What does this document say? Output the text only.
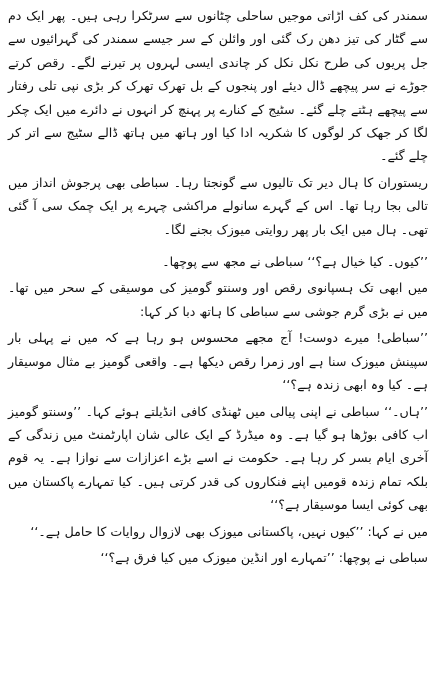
سمندر کی کف اڑاتی موجیں ساحلی چٹانوں سے سرٹکرا رہی ہیں۔ پھر ایک دم سے گٹار کی تیز دھن رک گئی اور وائلن کے سر جیسے سمندر کی گہرائیوں سے جل پریوں کی طرح نکل نکل کر چاندی ایسی لہروں پر تیرنے لگے۔ رقص کرتے جوڑے نے سر پیچھے ڈال دیئے اور پنجوں کے بل تھرک تھرک کر بڑی نپی تلی رفتار سے پیچھے ہٹتے چلے گئے۔ سٹیج کے کنارے پر پہنچ کر انہوں نے دائرے میں ایک چکر لگا کر جھک کر لوگوں کا شکریہ ادا کیا اور ہاتھ میں ہاتھ ڈالے سٹیج سے اتر کر چلے گئے۔

ریستوران کا ہال دیر تک تالیوں سے گونجتا رہا۔ سباطی بھی پرجوش انداز میں تالی بجا رہا تھا۔ اس کے گہرے سانولے مراکشی چہرے پر ایک چمک سی آ گئی تھی۔ ہال میں ایک بار پھر روایتی میوزک بجنے لگا۔

’’کیوں۔ کیا خیال ہے؟‘‘ سباطی نے مجھ سے پوچھا۔

میں ابھی تک ہسپانوی رقص اور وسنتو گومیز کی موسیقی کے سحر میں تھا۔ میں نے بڑی گرم جوشی سے سباطی کا ہاتھ دبا کر کہا:

’’سباطی! میرے دوست! آج مجھے محسوس ہو رہا ہے کہ میں نے پہلی بار سپینش میوزک سنا ہے اور زمرا رقص دیکھا ہے۔ واقعی گومیز بے مثال موسیقار ہے۔ کیا وہ ابھی زندہ ہے؟‘‘

’’ہاں۔‘‘ سباطی نے اپنی پیالی میں ٹھنڈی کافی انڈیلتے ہوئے کہا۔ ’’وسنتو گومیز اب کافی بوڑھا ہو گیا ہے۔ وہ میڈرڈ کے ایک عالی شان اپارٹمنٹ میں زندگی کے آخری ایام بسر کر رہا ہے۔ حکومت نے اسے بڑے اعزازات سے نوازا ہے۔ یہ قوم بلکہ تمام زندہ قومیں اپنے فنکاروں کی قدر کرتی ہیں۔ کیا تمہارے پاکستان میں بھی کوئی ایسا موسیقار ہے؟‘‘

میں نے کہا: ’’کیوں نہیں، پاکستانی میوزک بھی لازوال روایات کا حامل ہے۔‘‘

سباطی نے پوچھا: ’’تمہارے اور انڈین میوزک میں کیا فرق ہے؟‘‘
